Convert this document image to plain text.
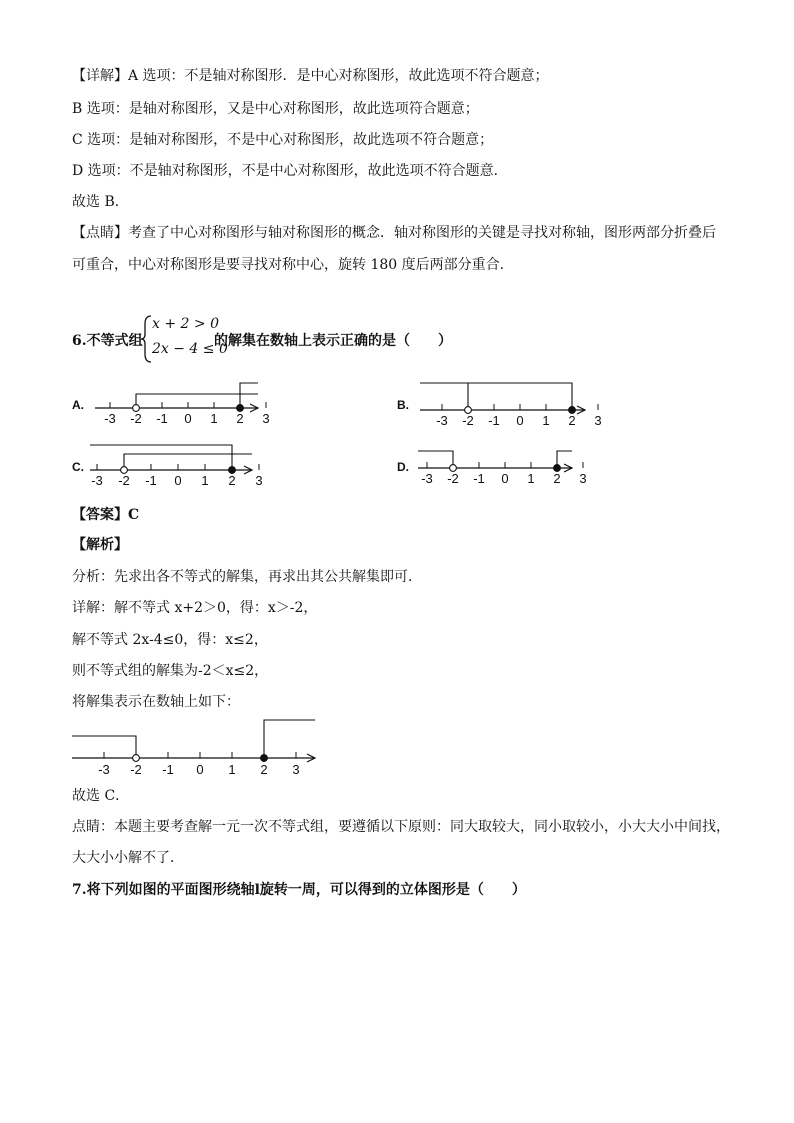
【详解】A 选项：不是轴对称图形．是中心对称图形，故此选项不符合题意；
B 选项：是轴对称图形，又是中心对称图形，故此选项符合题意；
C 选项：是轴对称图形，不是中心对称图形，故此选项不符合题意；
D 选项：不是轴对称图形，不是中心对称图形，故此选项不符合题意．
故选 B．
【点睛】考查了中心对称图形与轴对称图形的概念．轴对称图形的关键是寻找对称轴，图形两部分折叠后
可重合，中心对称图形是要寻找对称中心，旋转 180 度后两部分重合．
6.不等式组
x + 2 > 0
2x − 4 ≤ 0
的解集在数轴上表示正确的是（　　）
A.	B.
C.	D.
-3 -2 -1 0 1 2 3	-3 -2 -1 0 1 2 3
-3 -2 -1 0 1 2 3	-3 -2 -1 0 1 2 3
【答案】C
【解析】
分析：先求出各不等式的解集，再求出其公共解集即可．
详解：解不等式 x+2＞0，得：x＞-2，
解不等式 2x-4≤0，得：x≤2，
则不等式组的解集为-2＜x≤2，
将解集表示在数轴上如下：
-3 -2 -1 0 1 2 3
故选 C．
点睛：本题主要考查解一元一次不等式组，要遵循以下原则：同大取较大，同小取较小，小大大小中间找，
大大小小解不了．
7.将下列如图的平面图形绕轴l旋转一周，可以得到的立体图形是（　　）
